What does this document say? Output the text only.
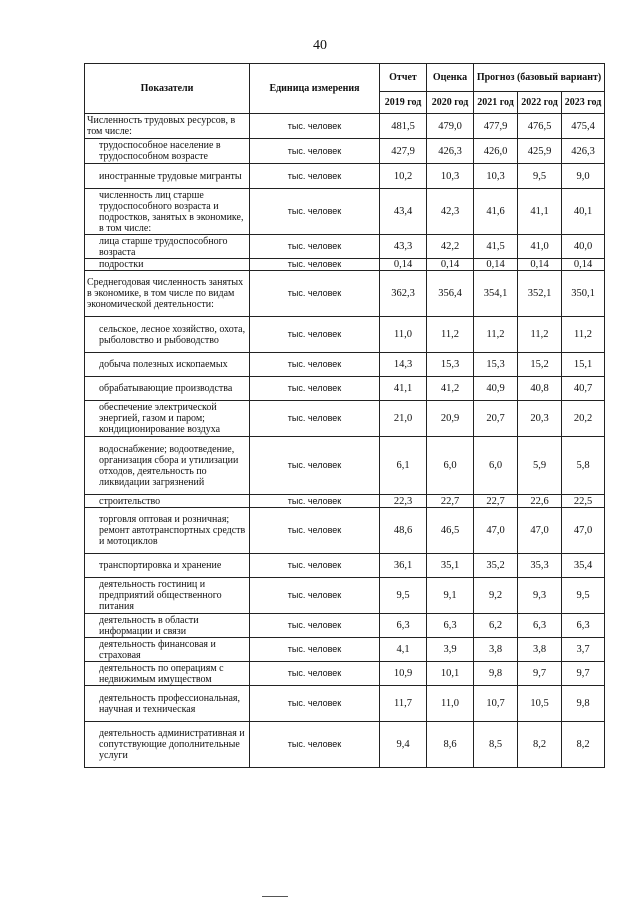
40
Показатели	Единица измерения	Отчет	Оценка	Прогноз (базовый вариант)		
		2019 год	2020 год	2021 год	2022 год	2023 год
Численность трудовых ресурсов, в том числе:	тыс. человек	481,5	479,0	477,9	476,5	475,4
трудоспособное население в трудоспособном возрасте	тыс. человек	427,9	426,3	426,0	425,9	426,3
иностранные трудовые мигранты	тыс. человек	10,2	10,3	10,3	9,5	9,0
численность лиц старше трудоспособного возраста и подростков, занятых в экономике, в том числе:	тыс. человек	43,4	42,3	41,6	41,1	40,1
лица старше трудоспособного возраста	тыс. человек	43,3	42,2	41,5	41,0	40,0
подростки	тыс. человек	0,14	0,14	0,14	0,14	0,14
Среднегодовая численность занятых в экономике, в том числе по видам экономической деятельности:	тыс. человек	362,3	356,4	354,1	352,1	350,1
сельское, лесное хозяйство, охота, рыболовство и рыбоводство	тыс. человек	11,0	11,2	11,2	11,2	11,2
добыча полезных ископаемых	тыс. человек	14,3	15,3	15,3	15,2	15,1
обрабатывающие производства	тыс. человек	41,1	41,2	40,9	40,8	40,7
обеспечение электрической энергией, газом и паром; кондиционирование воздуха	тыс. человек	21,0	20,9	20,7	20,3	20,2
водоснабжение; водоотведение, организация сбора и утилизации отходов, деятельность по ликвидации загрязнений	тыс. человек	6,1	6,0	6,0	5,9	5,8
строительство	тыс. человек	22,3	22,7	22,7	22,6	22,5
торговля оптовая и розничная; ремонт автотранспортных средств и мотоциклов	тыс. человек	48,6	46,5	47,0	47,0	47,0
транспортировка и хранение	тыс. человек	36,1	35,1	35,2	35,3	35,4
деятельность гостиниц и предприятий общественного питания	тыс. человек	9,5	9,1	9,2	9,3	9,5
деятельность в области информации и связи	тыс. человек	6,3	6,3	6,2	6,3	6,3
деятельность финансовая и страховая	тыс. человек	4,1	3,9	3,8	3,8	3,7
деятельность по операциям с недвижимым имуществом	тыс. человек	10,9	10,1	9,8	9,7	9,7
деятельность профессиональная, научная и техническая	тыс. человек	11,7	11,0	10,7	10,5	9,8
деятельность административная и сопутствующие дополнительные услуги	тыс. человек	9,4	8,6	8,5	8,2	8,2
